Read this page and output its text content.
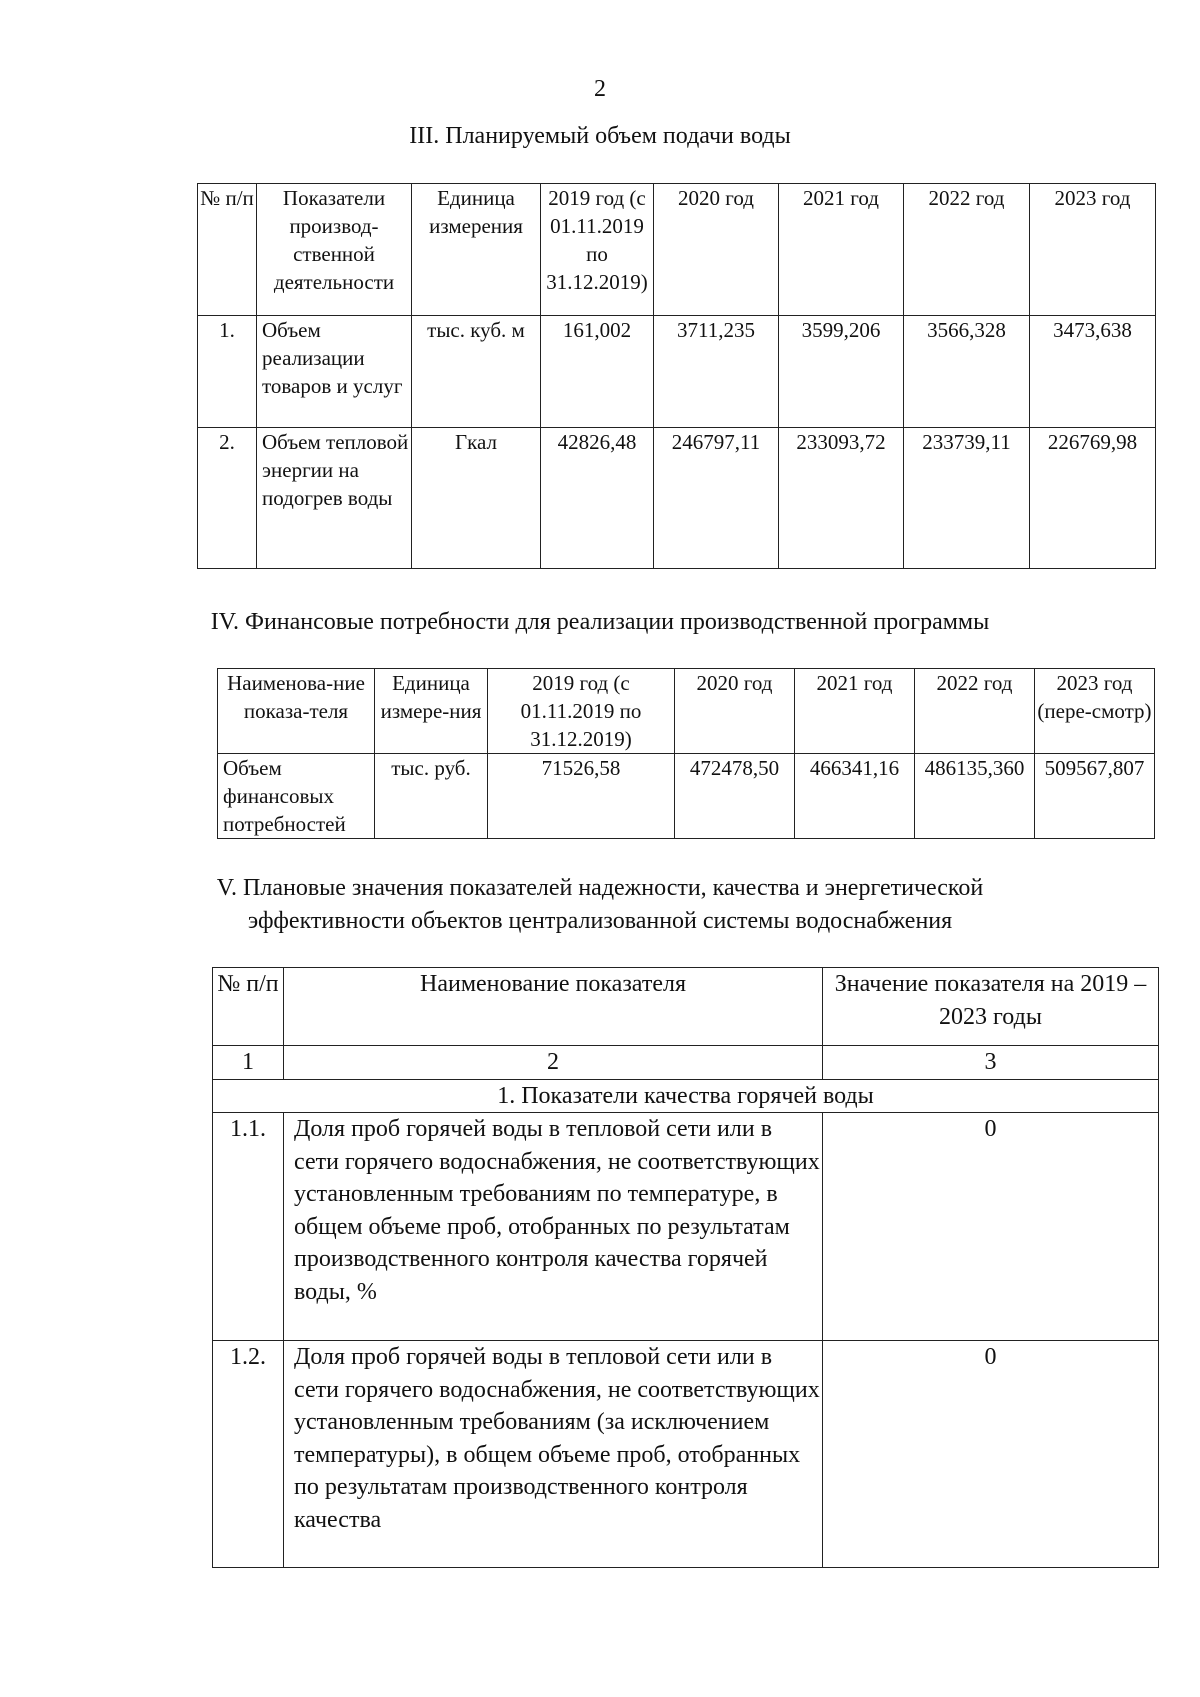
2
III. Планируемый объем подачи воды
№ п/п	Показатели производ-ственной деятельности	Единица измерения	2019 год (с 01.11.2019 по 31.12.2019)	2020 год	2021 год	2022 год	2023 год
1.	Объем реализации товаров и услуг	тыс. куб. м	161,002	3711,235	3599,206	3566,328	3473,638
2.	Объем тепловой энергии на подогрев воды	Гкал	42826,48	246797,11	233093,72	233739,11	226769,98
IV. Финансовые потребности для реализации производственной программы
Наименова-ние показа-теля	Единица измере-ния	2019 год (с 01.11.2019 по 31.12.2019)	2020 год	2021 год	2022 год	2023 год (пере-смотр)
Объем финансовых потребностей	тыс. руб.	71526,58	472478,50	466341,16	486135,360	509567,807
V. Плановые значения показателей надежности, качества и энергетической
эффективности объектов централизованной системы водоснабжения
№ п/п	Наименование показателя	Значение показателя на 2019 – 2023 годы
1	2	3
1. Показатели качества горячей воды		
1.1.	Доля проб горячей воды в тепловой сети или в сети горячего водоснабжения, не соответствующих установленным требованиям по температуре, в общем объеме проб, отобранных по результатам производственного контроля качества горячей воды, %	0
1.2.	Доля проб горячей воды в тепловой сети или в сети горячего водоснабжения, не соответствующих установленным требованиям (за исключением температуры), в общем объеме проб, отобранных по результатам производственного контроля качества	0
